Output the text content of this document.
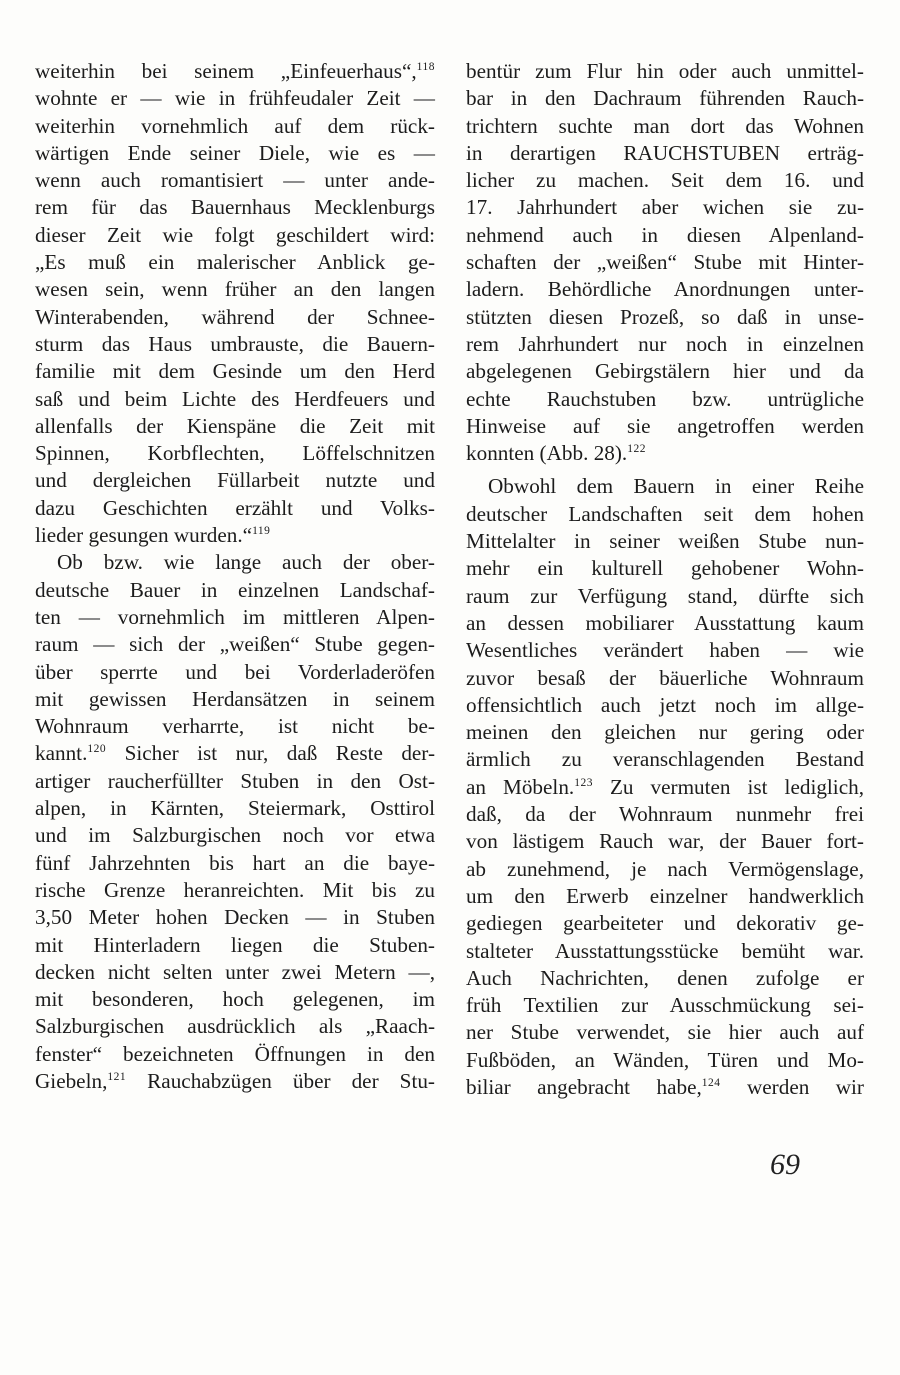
weiterhin bei seinem „Einfeuerhaus“,$^{118}$
wohnte er — wie in frühfeudaler Zeit —
weiterhin vornehmlich auf dem rück-
wärtigen Ende seiner Diele, wie es —
wenn auch romantisiert — unter ande-
rem für das Bauernhaus Mecklenburgs
dieser Zeit wie folgt geschildert wird:
„Es muß ein malerischer Anblick ge-
wesen sein, wenn früher an den langen
Winterabenden, während der Schnee-
sturm das Haus umbrauste, die Bauern-
familie mit dem Gesinde um den Herd
saß und beim Lichte des Herdfeuers und
allenfalls der Kienspäne die Zeit mit
Spinnen, Korbflechten, Löffelschnitzen
und dergleichen Füllarbeit nutzte und
dazu Geschichten erzählt und Volks-
lieder gesungen wurden.“$^{119}$
Ob bzw. wie lange auch der ober-
deutsche Bauer in einzelnen Landschaf-
ten — vornehmlich im mittleren Alpen-
raum — sich der „weißen“ Stube gegen-
über sperrte und bei Vorderladeröfen
mit gewissen Herdansätzen in seinem
Wohnraum verharrte, ist nicht be-
kannt.$^{120}$ Sicher ist nur, daß Reste der-
artiger raucherfüllter Stuben in den Ost-
alpen, in Kärnten, Steiermark, Osttirol
und im Salzburgischen noch vor etwa
fünf Jahrzehnten bis hart an die baye-
rische Grenze heranreichten. Mit bis zu
3,50 Meter hohen Decken — in Stuben
mit Hinterladern liegen die Stuben-
decken nicht selten unter zwei Metern —,
mit besonderen, hoch gelegenen, im
Salzburgischen ausdrücklich als „Raach-
fenster“ bezeichneten Öffnungen in den
Giebeln,$^{121}$ Rauchabzügen über der Stu-
bentür zum Flur hin oder auch unmittel-
bar in den Dachraum führenden Rauch-
trichtern suchte man dort das Wohnen
in derartigen RAUCHSTUBEN erträg-
licher zu machen. Seit dem 16. und
17. Jahrhundert aber wichen sie zu-
nehmend auch in diesen Alpenland-
schaften der „weißen“ Stube mit Hinter-
ladern. Behördliche Anordnungen unter-
stützten diesen Prozeß, so daß in unse-
rem Jahrhundert nur noch in einzelnen
abgelegenen Gebirgstälern hier und da
echte Rauchstuben bzw. untrügliche
Hinweise auf sie angetroffen werden
konnten (Abb. 28).$^{122}$
Obwohl dem Bauern in einer Reihe
deutscher Landschaften seit dem hohen
Mittelalter in seiner weißen Stube nun-
mehr ein kulturell gehobener Wohn-
raum zur Verfügung stand, dürfte sich
an dessen mobiliarer Ausstattung kaum
Wesentliches verändert haben — wie
zuvor besaß der bäuerliche Wohnraum
offensichtlich auch jetzt noch im allge-
meinen den gleichen nur gering oder
ärmlich zu veranschlagenden Bestand
an Möbeln.$^{123}$ Zu vermuten ist lediglich,
daß, da der Wohnraum nunmehr frei
von lästigem Rauch war, der Bauer fort-
ab zunehmend, je nach Vermögenslage,
um den Erwerb einzelner handwerklich
gediegen gearbeiteter und dekorativ ge-
stalteter Ausstattungsstücke bemüht war.
Auch Nachrichten, denen zufolge er
früh Textilien zur Ausschmückung sei-
ner Stube verwendet, sie hier auch auf
Fußböden, an Wänden, Türen und Mo-
biliar angebracht habe,$^{124}$ werden wir
69
